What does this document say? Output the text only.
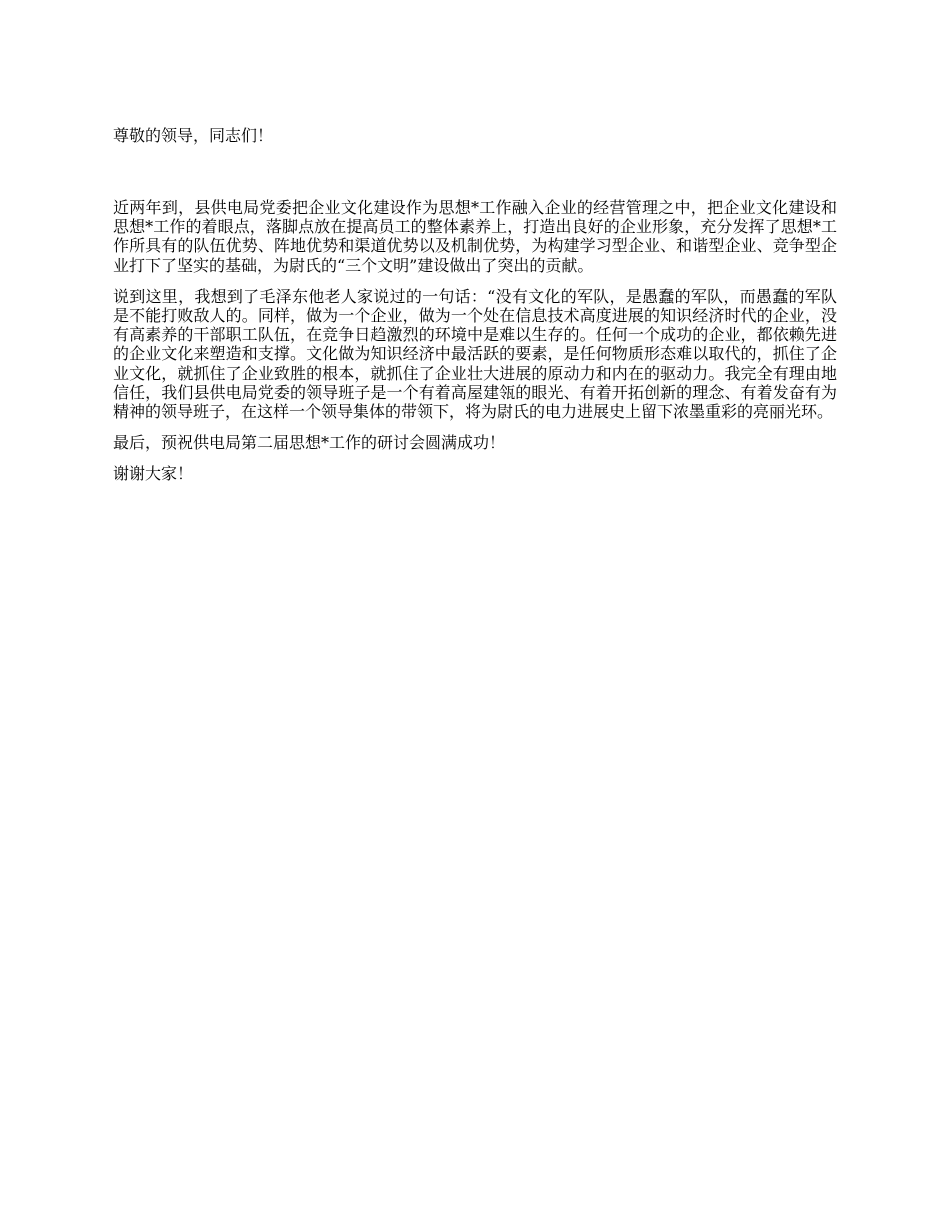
尊敬的领导，同志们！

近两年到，县供电局党委把企业文化建设作为思想*工作融入企业的经营管理之中，把企业文化建设和思想*工作的着眼点，落脚点放在提高员工的整体素养上，打造出良好的企业形象，充分发挥了思想*工作所具有的队伍优势、阵地优势和渠道优势以及机制优势，为构建学习型企业、和谐型企业、竞争型企业打下了坚实的基础，为尉氏的“三个文明”建设做出了突出的贡献。

说到这里，我想到了毛泽东他老人家说过的一句话：“没有文化的军队，是愚蠢的军队，而愚蠢的军队是不能打败敌人的。同样，做为一个企业，做为一个处在信息技术高度进展的知识经济时代的企业，没有高素养的干部职工队伍，在竞争日趋激烈的环境中是难以生存的。任何一个成功的企业，都依赖先进的企业文化来塑造和支撑。文化做为知识经济中最活跃的要素，是任何物质形态难以取代的，抓住了企业文化，就抓住了企业致胜的根本，就抓住了企业壮大进展的原动力和内在的驱动力。我完全有理由地信任，我们县供电局党委的领导班子是一个有着高屋建瓴的眼光、有着开拓创新的理念、有着发奋有为精神的领导班子，在这样一个领导集体的带领下，将为尉氏的电力进展史上留下浓墨重彩的亮丽光环。

最后，预祝供电局第二届思想*工作的研讨会圆满成功！

谢谢大家！
